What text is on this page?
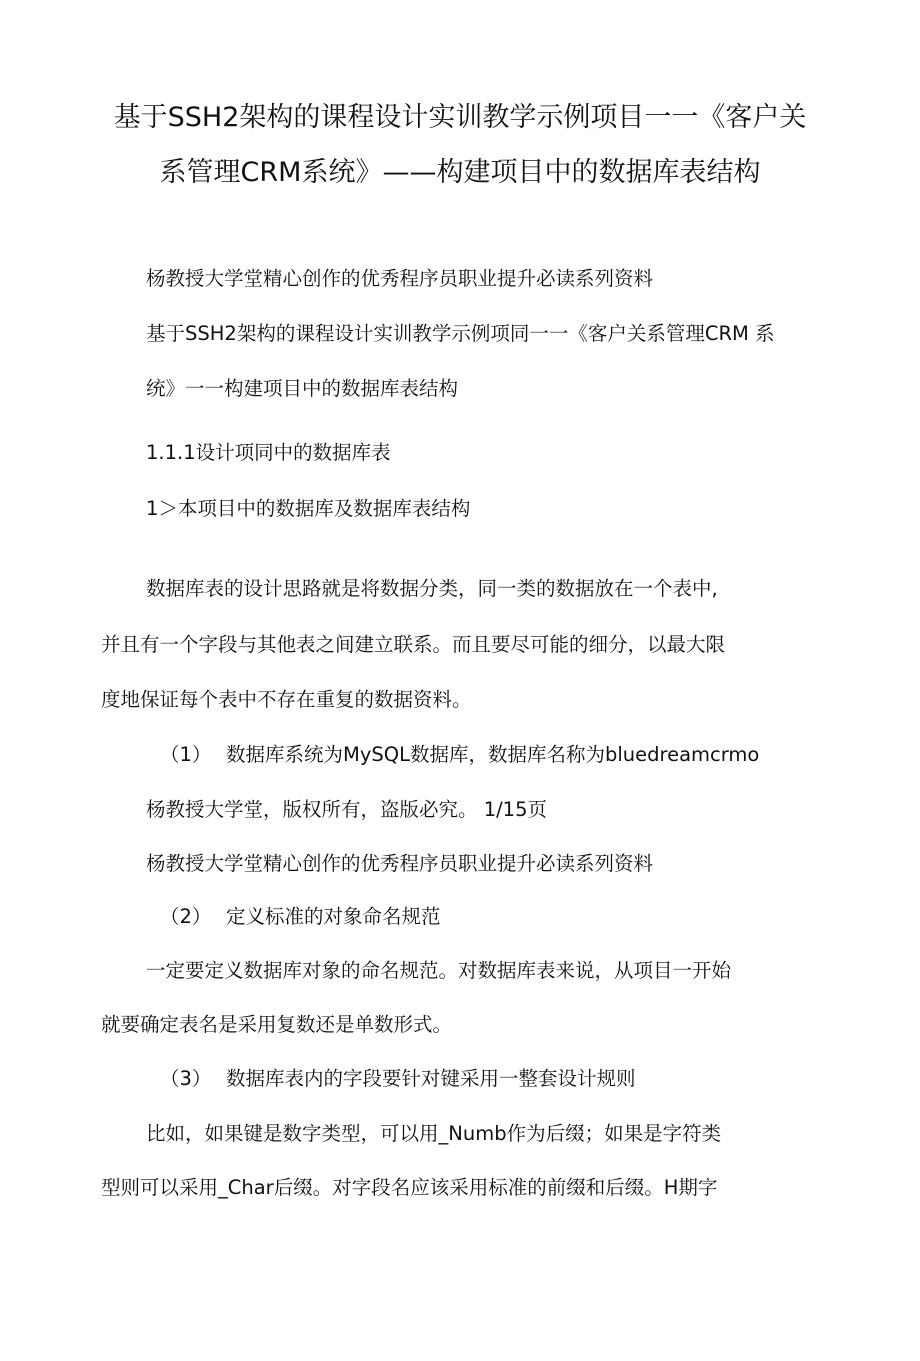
基于SSH2架构的课程设计实训教学示例项目一一《客户关
系管理CRM系统》——构建项目中的数据库表结构

杨教授大学堂精心创作的优秀程序员职业提升必读系列资料

基于SSH2架构的课程设计实训教学示例项同一一《客户关系管理CRM 系

统》一一构建项目中的数据库表结构

1.1.1设计项同中的数据库表

1＞本项目中的数据库及数据库表结构

数据库表的设计思路就是将数据分类，同一类的数据放在一个表中,

并且有一个字段与其他表之间建立联系。而且要尽可能的细分，以最大限

度地保证每个表中不存在重复的数据资料。

（1） 数据库系统为MySQL数据库，数据库名称为bluedreamcrmo

杨教授大学堂，版权所有，盗版必究。 1/15页

杨教授大学堂精心创作的优秀程序员职业提升必读系列资料

（2） 定义标准的对象命名规范

一定要定义数据库对象的命名规范。对数据库表来说，从项目一开始

就要确定表名是采用复数还是单数形式。

（3） 数据库表内的字段要针对键采用一整套设计规则

比如，如果键是数字类型，可以用_Numb作为后缀；如果是字符类

型则可以采用_Char后缀。对字段名应该采用标准的前缀和后缀。H期字
